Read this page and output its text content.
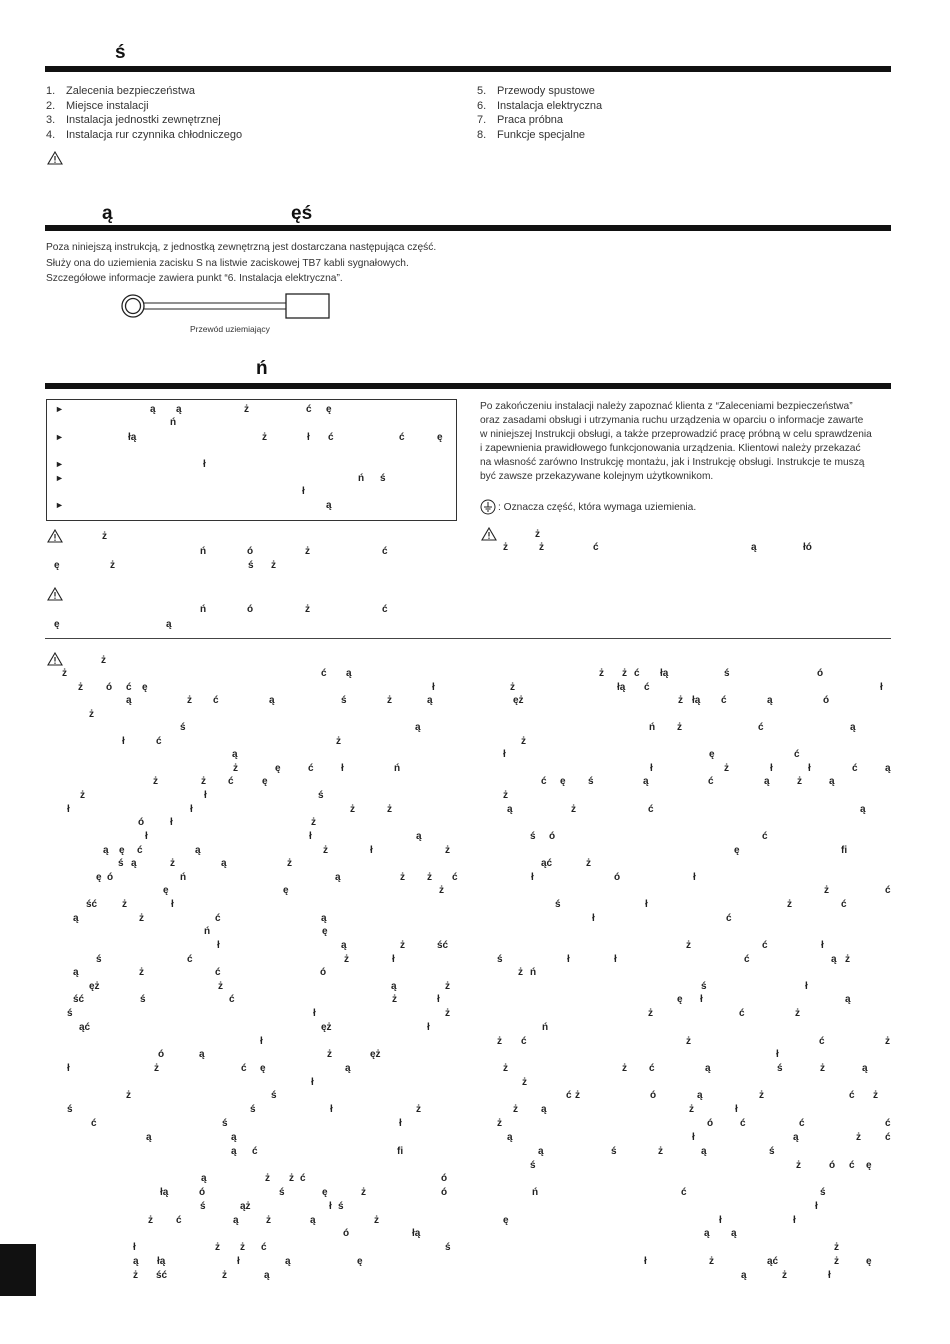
ś
1. Zalecenia bezpieczeństwa
2. Miejsce instalacji
3. Instalacja jednostki zewnętrznej
4. Instalacja rur czynnika chłodniczego
5. Przewody spustowe
6. Instalacja elektryczna
7. Praca próbna
8. Funkcje specjalne
ą	ęś
Poza niniejszą instrukcją, z jednostką zewnętrzną jest dostarczana następująca część.
Służy ona do uziemienia zacisku S na listwie zaciskowej TB7 kabli sygnałowych.
Szczegółowe informacje zawiera punkt “6. Instalacja elektryczna”.
Przewód uziemiający
ń
►
►
►
►
►
Po zakończeniu instalacji należy zapoznać klienta z “Zaleceniami bezpieczeństwa”
oraz zasadami obsługi i utrzymania ruchu urządzenia w oparciu o informacje zawarte
w niniejszej Instrukcji obsługi, a także przeprowadzić pracę próbną w celu sprawdzenia
i zapewnienia prawidłowego funkcjonowania urządzenia. Klientowi należy przekazać
na własność zarówno Instrukcję montażu, jak i Instrukcję obsługi. Instrukcje te muszą
być zawsze przekazywane kolejnym użytkownikom.
: Oznacza część, która wymaga uziemienia.
ą ą	ż	ć ę
ń
łą	ż	ł ć	ć	ę
ł
ń ś
ł
ą
ż
ń	ó	ż	ć
ę	ż	ś ż
ń	ó	ż	ć
ę	ą
ż
ż	ż	ć	ą	łó
ż
ż	ć ą
ż ó ć ę	ł
ą	ż ć	ą	ś	ż	ą
ż
ś	ą
ł	ć	ż
ą
ż	ę	ć	ł	ń
ż	ż ć	ę
ż	ł	ś
ł	ł	ż	ż
ó	ł	ż
ł	ł	ą
ą ę ć	ą	ż	ł	ż
ś ą	ż	ą	ż
ę ó	ń	ą	ż ż ć
ę	ę	ż
ść ż	ł
ą	ż	ć	ą
ń	ę
ł	ą	ż	ść
ś	ć	ż	ł
ą	ż	ć	ó
ęż	ż	ą	ż
ść	ś	ć	ż	ł
ś	ł	ż
ąć	ęż	ł
ł
ó	ą	ż	ęż
ł	ż	ć ę	ą
ł
ż	ś
ś	ś	ł	ż
ć	ś	ł
ą	ą
ą ć	fi
ą	ż ż ć	ó
łą	ó	ś	ę	ż	ó
ś	ąż	ł ś
ż ć	ą	ż	ą	ż
ó	łą
ł	ż ż ć	ś
ą łą	ł	ą	ę
ż ść	ż	ą
ż ż ć łą	ś	ó
ż	łą ć	ł
ęż	ż łą ć	ą	ó
ń ż	ć	ą
ż
ł	ę	ć
ł	ż	ł	ł	ć	ą
ć ę ś	ą	ć	ą	ż	ą
ż
ą	ż	ć	ą
ś ó	ć
ę	fi
ąć	ż
ł	ó	ł
ż	ć
ś	ł	ż	ć
ł	ć
ż	ć	ł
ś	ł	ł	ć	ą ż
ż ń
ś	ł
ę ł	ą
ż	ć	ż
ń
ż ć	ż	ć	ż
ł
ż	ż ć	ą	ś	ż	ą
ż
ć ż	ó	ą	ż	ć ż
ż ą	ż	ł
ż	ó	ć	ć	ć
ą	ł	ą	ż ć
ą	ś	ż	ą	ś
ś	ż	ó ć ę
ń	ć	ś
ł
ę	ł	ł
ą ą
ż
ł	ż	ąć	ż	ę
ą	ż	ł
